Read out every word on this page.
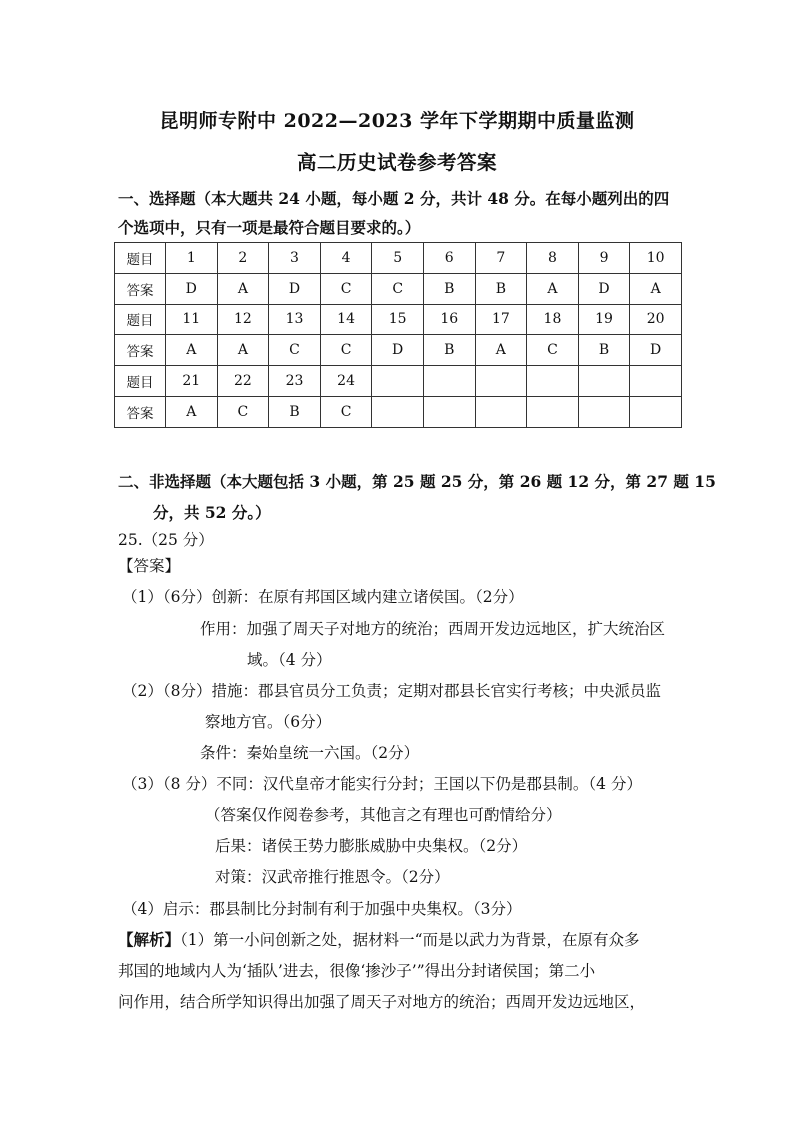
昆明师专附中 2022—2023 学年下学期期中质量监测
高二历史试卷参考答案
一、选择题（本大题共 24 小题，每小题 2 分，共计 48 分。在每小题列出的四
个选项中，只有一项是最符合题目要求的。）
题目	1	2	3	4	5	6	7	8	9	10
答案	D	A	D	C	C	B	B	A	D	A
题目	11	12	13	14	15	16	17	18	19	20
答案	A	A	C	C	D	B	A	C	B	D
题目	21	22	23	24						
答案	A	C	B	C						
二、非选择题（本大题包括 3 小题，第 25 题 25 分，第 26 题 12 分，第 27 题 15
分，共 52 分。）
25.（25 分）
【答案】
（1）（6分）创新：在原有邦国区域内建立诸侯国。（2分）
作用：加强了周天子对地方的统治；西周开发边远地区，扩大统治区
域。（4 分）
（2）（8分）措施：郡县官员分工负责；定期对郡县长官实行考核；中央派员监
察地方官。（6分）
条件：秦始皇统一六国。（2分）
（3）（8 分）不同：汉代皇帝才能实行分封；王国以下仍是郡县制。（4 分）
（答案仅作阅卷参考，其他言之有理也可酌情给分）
后果：诸侯王势力膨胀威胁中央集权。（2分）
对策：汉武帝推行推恩令。（2分）
（4）启示：郡县制比分封制有利于加强中央集权。（3分）
【解析】（1）第一小问创新之处，据材料一“而是以武力为背景，在原有众多
邦国的地域内人为‘插队’进去，很像‘掺沙子’”得出分封诸侯国；第二小
问作用，结合所学知识得出加强了周天子对地方的统治；西周开发边远地区，
